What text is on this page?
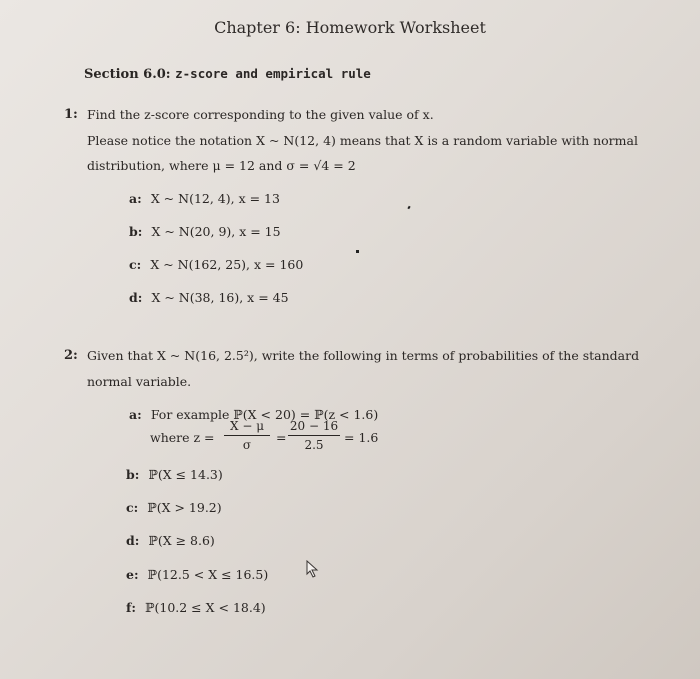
Chapter 6: Homework Worksheet
Section 6.0: z-score and empirical rule
1: Find the z-score corresponding to the given value of x.
Please notice the notation X ~ N(12, 4) means that X is a random variable with normal
distribution, where μ = 12 and σ = √4 = 2
a: X ~ N(12, 4), x = 13
b: X ~ N(20, 9), x = 15
c: X ~ N(162, 25), x = 160
d: X ~ N(38, 16), x = 45
2: Given that X ~ N(16, 2.5²), write the following in terms of probabilities of the standard
normal variable.
a: For example ℙ(X < 20) = ℙ(z < 1.6)
where z =
X − μ
σ	=
20 − 16
2.5	= 1.6
b: ℙ(X ≤ 14.3)
c: ℙ(X > 19.2)
d: ℙ(X ≥ 8.6)
e: ℙ(12.5 < X ≤ 16.5)
f: ℙ(10.2 ≤ X < 18.4)
